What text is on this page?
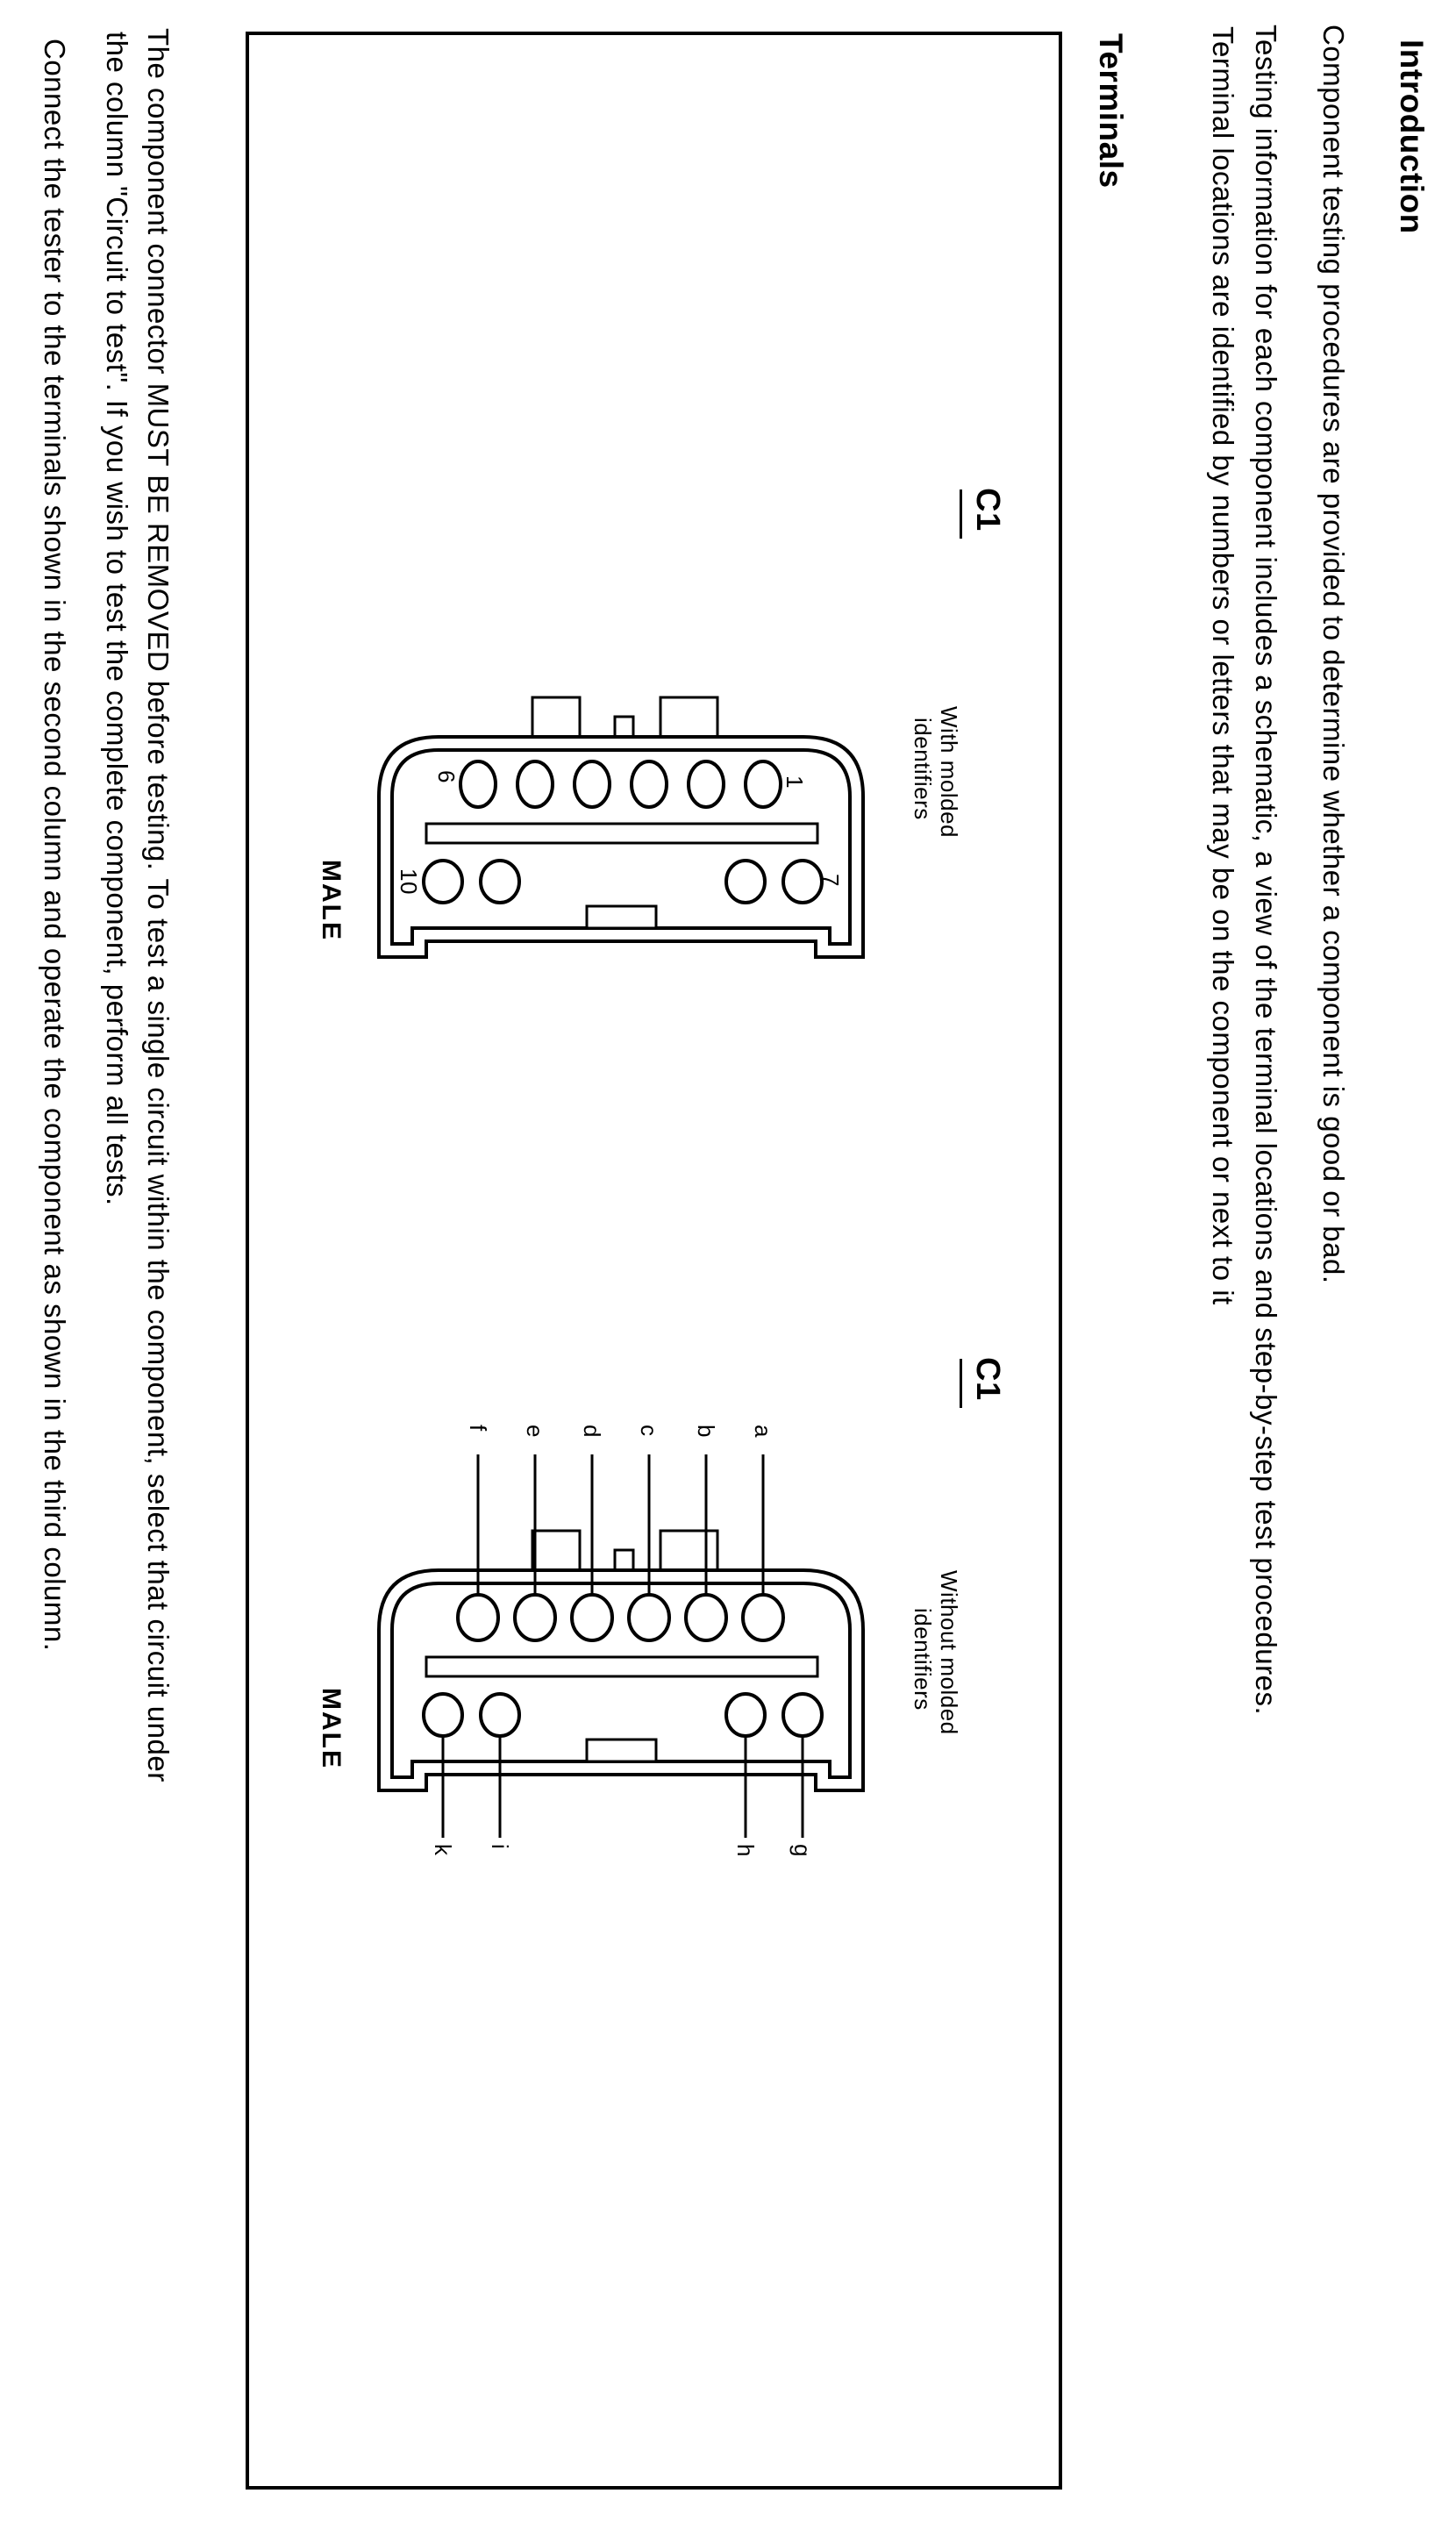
Introduction
Component testing procedures are provided to determine whether a component is good or bad.
Testing information for each component includes a schematic, a view of the terminal locations and step-by-step test procedures.
Terminal locations are identified by numbers or letters that may be on the component or next to it
Terminals
C1
With molded
identifiers
MALE
6	1
10	7
C1
Without molded
identifiers
MALE
f e d c b a
k i	h g
The component connector MUST BE REMOVED before testing. To test a single circuit within the component, select that circuit under
the column "Circuit to test". If you wish to test the complete component, perform all tests.
Connect the tester to the terminals shown in the second column and operate the component as shown in the third column.
